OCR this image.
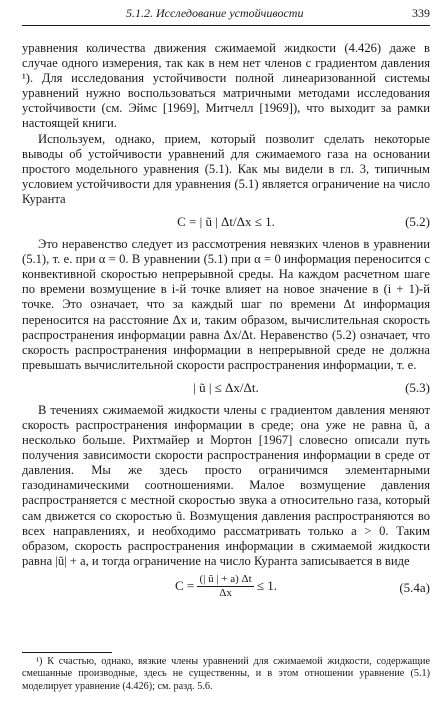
5.1.2. Исследование устойчивости	339

уравнения количества движения сжимаемой жидкости (4.426) даже в случае одного измерения, так как в нем нет членов с градиентом давления ¹). Для исследования устойчивости полной линеаризованной системы уравнений нужно воспользоваться матричными методами исследования устойчивости (см. Эймс [1969], Митчелл [1969]), что выходит за рамки настоящей книги.

Используем, однако, прием, который позволит сделать некоторые выводы об устойчивости уравнений для сжимаемого газа на основании простого модельного уравнения (5.1). Как мы видели в гл. 3, типичным условием устойчивости для уравнения (5.1) является ограничение на число Куранта

C = | ũ | Δt/Δx ≤ 1.	(5.2)

Это неравенство следует из рассмотрения невязких членов в уравнении (5.1), т. е. при α = 0. В уравнении (5.1) при α = 0 информация переносится с конвективной скоростью непрерывной среды. На каждом расчетном шаге по времени возмущение в i-й точке влияет на новое значение в (i + 1)-й точке. Это означает, что за каждый шаг по времени Δt информация переносится на расстояние Δx и, таким образом, вычислительная скорость распространения информации равна Δx/Δt. Неравенство (5.2) означает, что скорость распространения информации в непрерывной среде не должна превышать вычислительной скорости распространения информации, т. е.

| ũ | ≤ Δx/Δt.	(5.3)

В течениях сжимаемой жидкости члены с градиентом давления меняют скорость распространения информации в среде; она уже не равна ũ, а несколько больше. Рихтмайер и Мортон [1967] словесно описали путь получения зависимости скорости распространения информации в среде от давления. Мы же здесь просто ограничимся элементарными газодинамическими соотношениями. Малое возмущение давления распространяется с местной скоростью звука a относительно газа, который сам движется со скоростью ũ. Возмущения давления распространяются во всех направлениях, и необходимо рассматривать только a > 0. Таким образом, скорость распространения информации в сжимаемой жидкости равна |ũ| + a, и тогда ограничение на число Куранта записывается в виде

$C = \frac{(| ũ | + a) \Delta t}{\Delta x} \le 1$.	(5.4a)

¹) К счастью, однако, вязкие члены уравнений для сжимаемой жидкости, содержащие смешанные производные, здесь не существенны, и в этом отношении уравнение (5.1) моделирует уравнение (4.426); см. разд. 5.6.
